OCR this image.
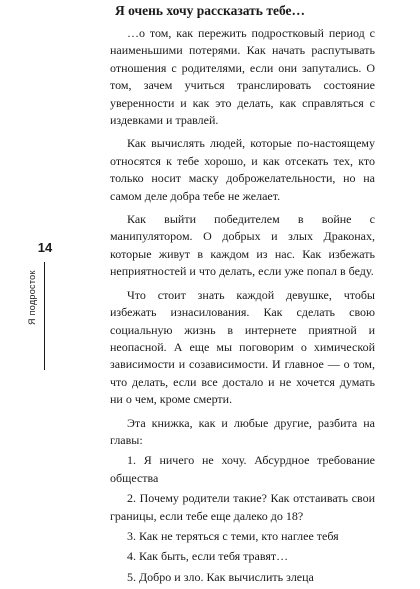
Я очень хочу рассказать тебе…

…о том, как пережить подростковый период с наименьшими потерями. Как начать распутывать отношения с родителями, если они запутались. О том, зачем учиться транслировать состояние уверенности и как это делать, как справляться с издевками и травлей.

Как вычислять людей, которые по-настоящему относятся к тебе хорошо, и как отсекать тех, кто только носит маску доброжелательности, но на самом деле добра тебе не желает.

Как выйти победителем в войне с манипулятором. О добрых и злых Драконах, которые живут в каждом из нас. Как избежать неприятностей и что делать, если уже попал в беду.

Что стоит знать каждой девушке, чтобы избежать изнасилования. Как сделать свою социальную жизнь в интернете приятной и неопасной. А еще мы поговорим о химической зависимости и созависимости. И главное — о том, что делать, если все достало и не хочется думать ни о чем, кроме смерти.

Эта книжка, как и любые другие, разбита на главы:

1. Я ничего не хочу. Абсурдное требование общества

2. Почему родители такие? Как отстаивать свои границы, если тебе еще далеко до 18?

3. Как не теряться с теми, кто наглее тебя

4. Как быть, если тебя травят…

5. Добро и зло. Как вычислить злеца

14
Я подросток
